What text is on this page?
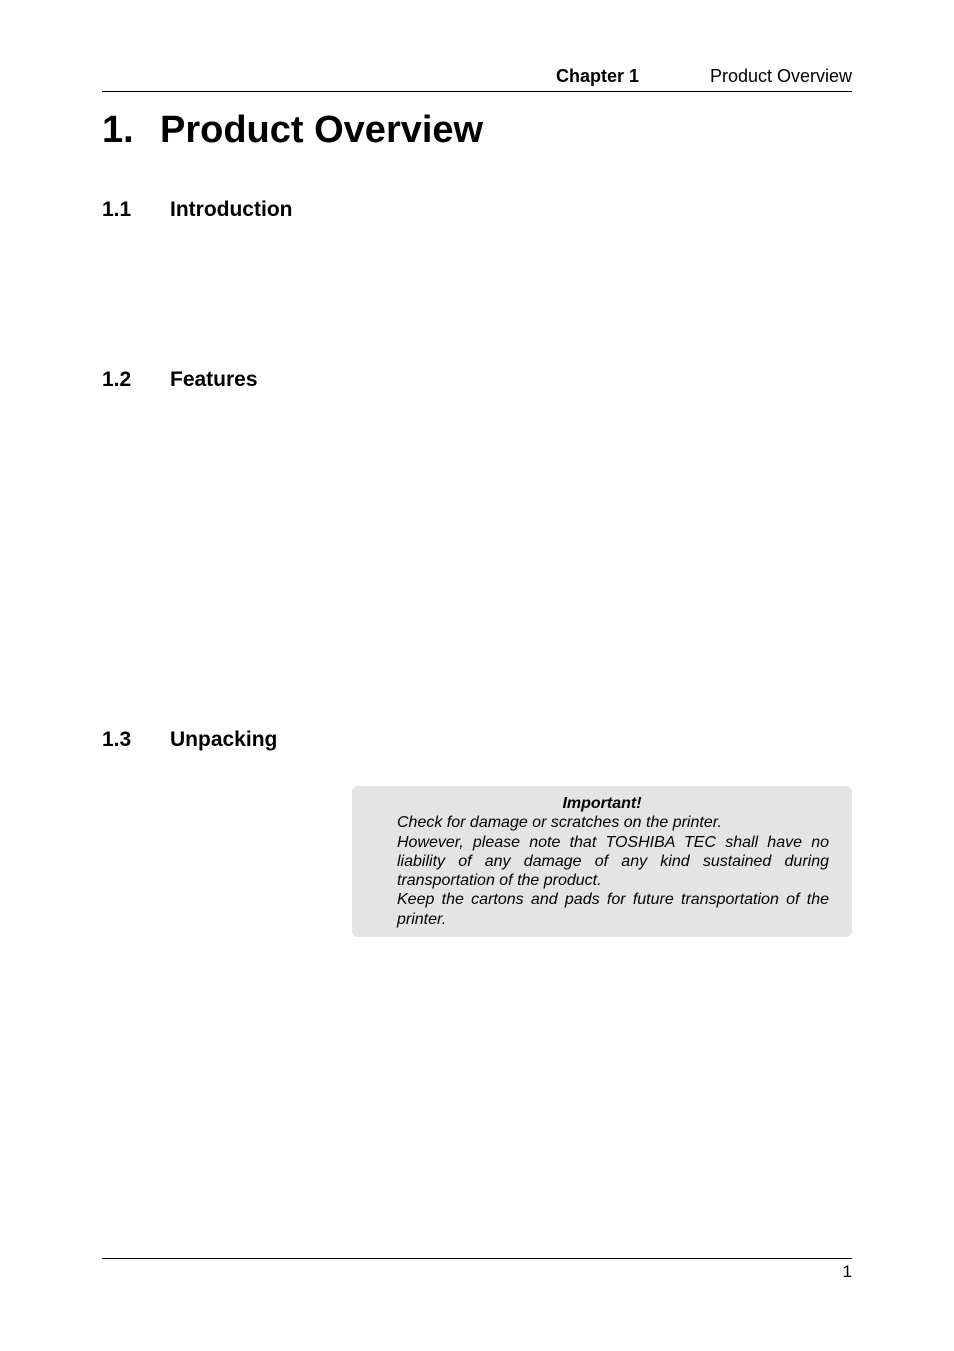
Chapter 1	Product Overview
1. Product Overview
1.1 Introduction
1.2 Features
1.3 Unpacking
Important!
Check for damage or scratches on the printer.
However, please note that TOSHIBA TEC shall have no liability of any damage of any kind sustained during transportation of the product.
Keep the cartons and pads for future transportation of the printer.
1
